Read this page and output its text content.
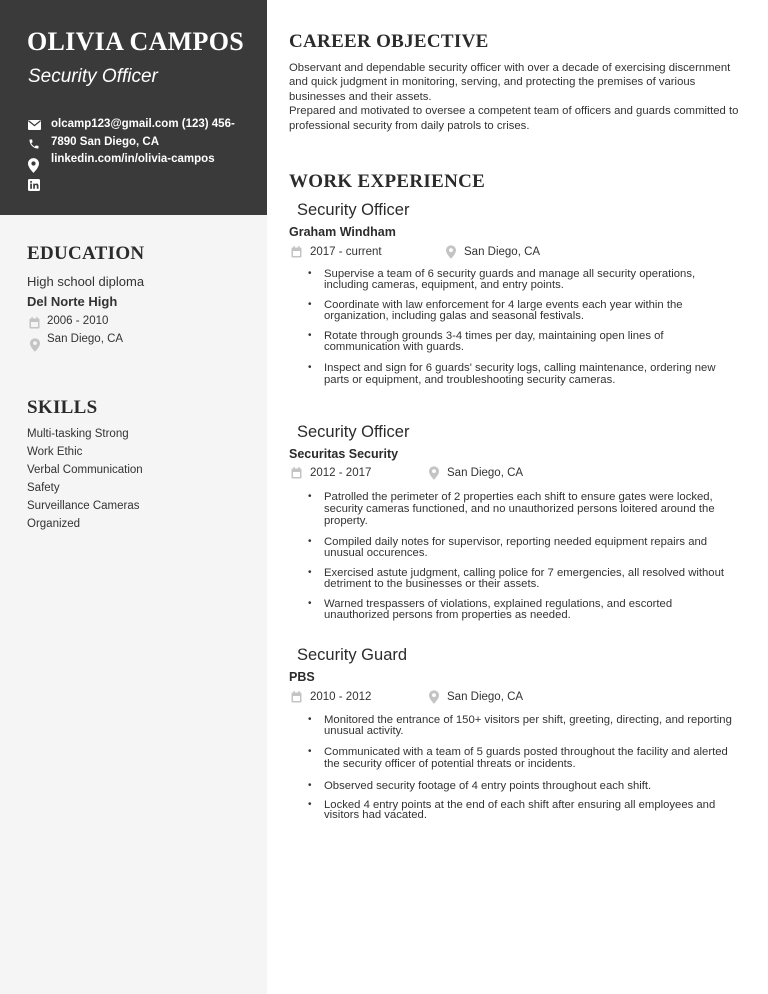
OLIVIA CAMPOS
Security Officer
olcamp123@gmail.com (123) 456-7890 San Diego, CA linkedin.com/in/olivia-campos
EDUCATION
High school diploma
Del Norte High
2006 - 2010
San Diego, CA
SKILLS
Multi-tasking Strong
Work Ethic
Verbal Communication
Safety
Surveillance Cameras
Organized
CAREER OBJECTIVE

Observant and dependable security officer with over a decade of exercising discernment and quick judgment in monitoring, serving, and protecting the premises of various businesses and their assets.

Prepared and motivated to oversee a competent team of officers and guards committed to professional security from daily patrols to crises.

WORK EXPERIENCE
Security Officer
Graham Windham
2017 - current	San Diego, CA
• Supervise a team of 6 security guards and manage all security operations, including cameras, equipment, and entry points.
• Coordinate with law enforcement for 4 large events each year within the organization, including galas and seasonal festivals.
• Rotate through grounds 3-4 times per day, maintaining open lines of communication with guards.
• Inspect and sign for 6 guards' security logs, calling maintenance, ordering new parts or equipment, and troubleshooting security cameras.
Security Officer
Securitas Security
2012 - 2017	San Diego, CA
• Patrolled the perimeter of 2 properties each shift to ensure gates were locked, security cameras functioned, and no unauthorized persons loitered around the property.
• Compiled daily notes for supervisor, reporting needed equipment repairs and unusual occurences.
• Exercised astute judgment, calling police for 7 emergencies, all resolved without detriment to the businesses or their assets.
• Warned trespassers of violations, explained regulations, and escorted unauthorized persons from properties as needed.
Security Guard
PBS
2010 - 2012	San Diego, CA
• Monitored the entrance of 150+ visitors per shift, greeting, directing, and reporting unusual activity.
• Communicated with a team of 5 guards posted throughout the facility and alerted the security officer of potential threats or incidents.
• Observed security footage of 4 entry points throughout each shift.
• Locked 4 entry points at the end of each shift after ensuring all employees and visitors had vacated.
